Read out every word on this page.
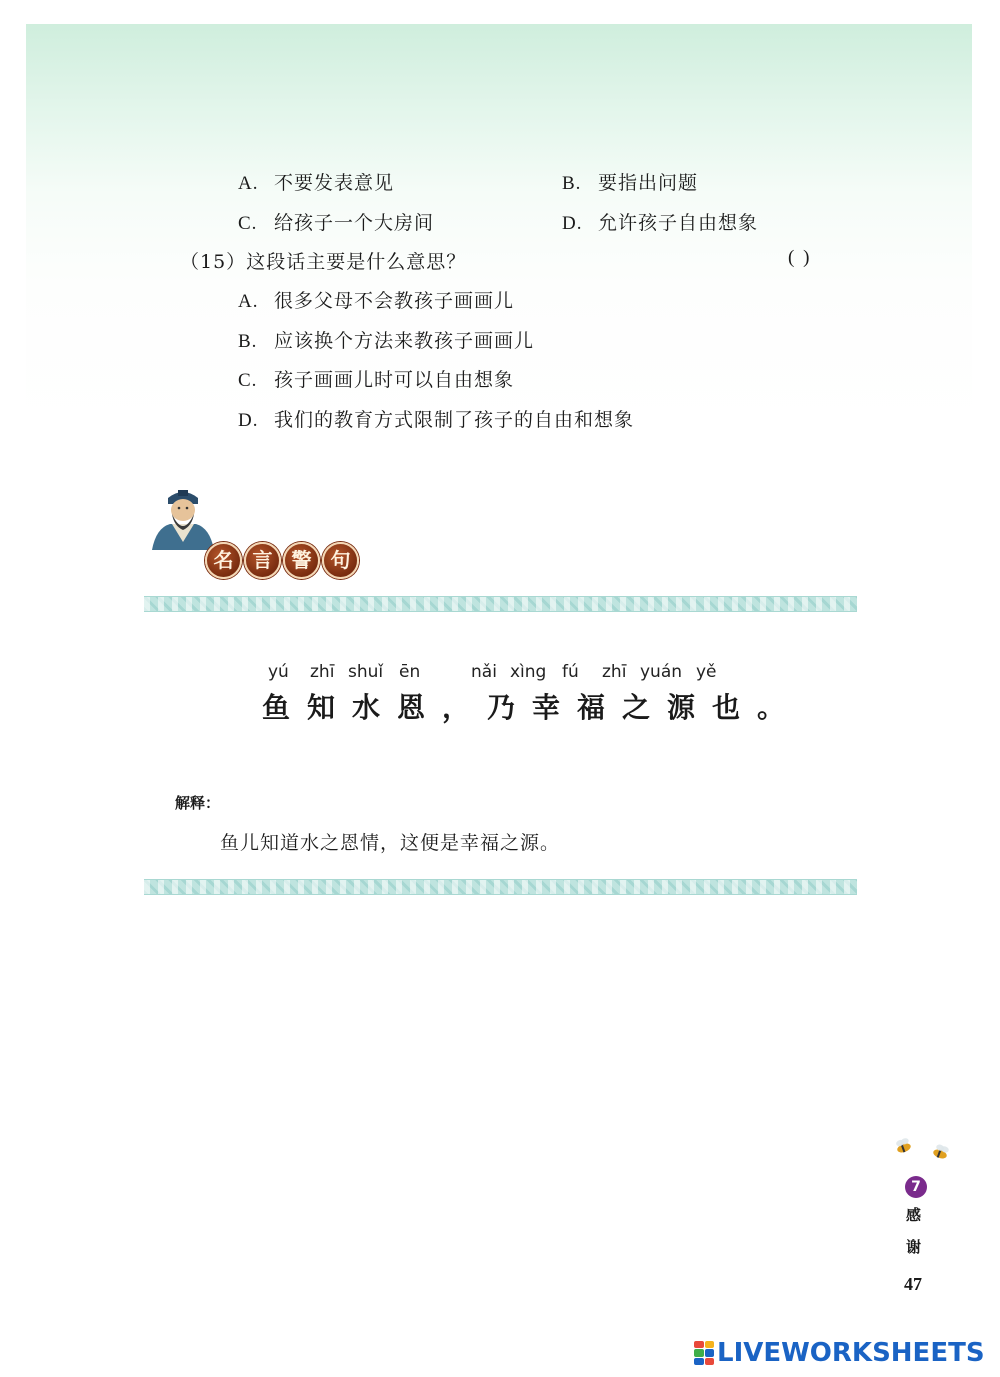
A. 不要发表意见	B. 要指出问题
C. 给孩子一个大房间	D. 允许孩子自由想象
（15）这段话主要是什么意思？	( )
A. 很多父母不会教孩子画画儿
B. 应该换个方法来教孩子画画儿
C. 孩子画画儿时可以自由想象
D. 我们的教育方式限制了孩子的自由和想象
名 言 警 句
yú zhī shuǐ ēn	nǎi xìng fú zhī yuán yě
鱼知水恩，乃幸福之源也。
解释：
鱼儿知道水之恩情，这便是幸福之源。
7
感
谢
47
LIVEWORKSHEETS
